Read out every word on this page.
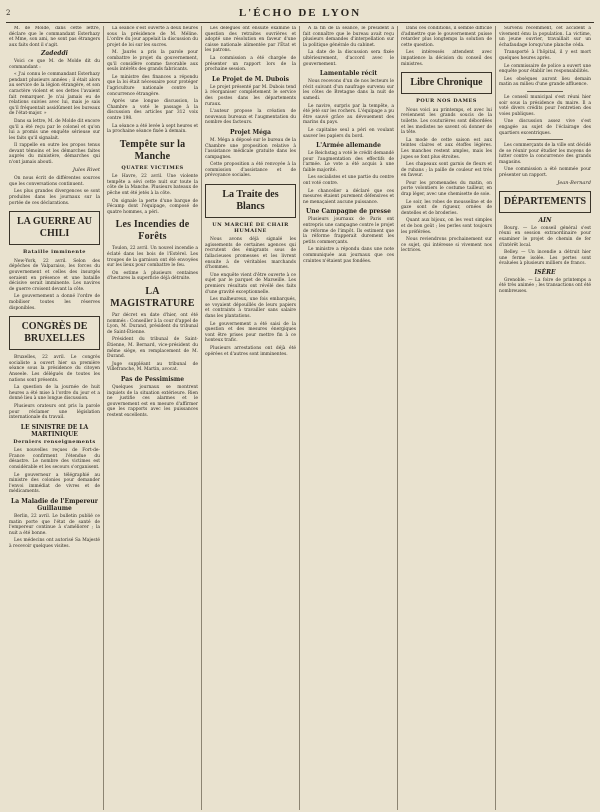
2	L'ÉCHO DE LYON

M. de Molde, dans cette lettre, déclare que le commandant Esterhazy et Mme, son ami, ne sont pas étrangers aux faits dont il s'agit.

Zadeddi

Voici ce que M. de Molde dit du commandant :

« J'ai connu le commandant Esterhazy pendant plusieurs années ; il était alors au service de la légion étrangère, et son caractère violent et ses dettes l'avaient fait remarquer. Je n'ai jamais eu de relations suivies avec lui, mais je sais qu'il fréquentait assidûment les bureaux de l'état-major. »

Dans sa lettre, M. de Molde dit encore qu'il a été reçu par le colonel et qu'on lui a promis une enquête sérieuse sur les faits qu'il signalait.

Il rappelle en outre les propos tenus devant témoins et les démarches faites auprès du ministère, démarches qui n'ont jamais abouti.

Jules Rivet

On nous écrit de différentes sources que les conversations continuent.

Les plus grandes divergences se sont produites dans les journaux sur la portée de ces déclarations.

LA GUERRE AU CHILI
Bataille imminente

New-York, 22 avril. Selon des dépêches de Valparaiso, les forces du gouvernement et celles des insurgés seraient en présence et une bataille décisive serait imminente. Les navires de guerre croisent devant la côte.

Le gouvernement a donné l'ordre de mobiliser toutes les réserves disponibles.

CONGRÈS DE BRUXELLES

Bruxelles, 22 avril. Le congrès socialiste a ouvert hier sa première séance sous la présidence du citoyen Anseele. Les délégués de toutes les nations sont présents.

La question de la journée de huit heures a été mise à l'ordre du jour et a donné lieu à une longue discussion.

Plusieurs orateurs ont pris la parole pour réclamer une législation internationale du travail.

LE SINISTRE DE LA MARTINIQUE
Derniers renseignements

Les nouvelles reçues de Fort-de-France confirment l'étendue du désastre. Le nombre des victimes est considérable et les secours s'organisent.

Le gouverneur a télégraphié au ministre des colonies pour demander l'envoi immédiat de vivres et de médicaments.

La Maladie de l'Empereur Guillaume

Berlin, 22 avril. Le bulletin publié ce matin porte que l'état de santé de l'empereur continue à s'améliorer ; la nuit a été bonne.

Les médecins ont autorisé Sa Majesté à recevoir quelques visites.

La séance s'est ouverte à deux heures sous la présidence de M. Méline. L'ordre du jour appelait la discussion du projet de loi sur les sucres.

M. Jaurès a pris la parole pour combattre le projet du gouvernement, qu'il considère comme favorable aux seuls intérêts des grands fabricants.

Le ministre des finances a répondu que la loi était nécessaire pour protéger l'agriculture nationale contre la concurrence étrangère.

Après une longue discussion, la Chambre a voté le passage à la discussion des articles par 312 voix contre 198.

La séance a été levée à sept heures et la prochaine séance fixée à demain.

Tempête sur la Manche
QUATRE VICTIMES

Le Havre, 22 avril. Une violente tempête a sévi cette nuit sur toute la côte de la Manche. Plusieurs bateaux de pêche ont été jetés à la côte.

On signale la perte d'une barque de Fécamp dont l'équipage, composé de quatre hommes, a péri.

Les Incendies de Forêts

Toulon, 22 avril. Un nouvel incendie a éclaté dans les bois de l'Estérel. Les troupes de la garnison ont été envoyées sur les lieux pour combattre le feu.

On estime à plusieurs centaines d'hectares la superficie déjà détruite.

LA MAGISTRATURE

Par décret en date d'hier, ont été nommés : Conseiller à la cour d'appel de Lyon, M. Durand, président du tribunal de Saint-Étienne.

Président du tribunal de Saint-Étienne, M. Bernard, vice-président du même siège, en remplacement de M. Durand.

Juge suppléant au tribunal de Villefranche, M. Martin, avocat.

Pas de Pessimisme

Quelques journaux se montrent inquiets de la situation extérieure. Rien ne justifie ces alarmes et le gouvernement est en mesure d'affirmer que les rapports avec les puissances restent excellents.

Les délégués ont ensuite examiné la question des retraites ouvrières et adopté une résolution en faveur d'une caisse nationale alimentée par l'État et les patrons.

La commission a été chargée de présenter un rapport lors de la prochaine session.

Le Projet de M. Dubois

Le projet présenté par M. Dubois tend à réorganiser complètement le service des postes dans les départements ruraux.

L'auteur propose la création de nouveaux bureaux et l'augmentation du nombre des facteurs.

Projet Méga

M. Méga a déposé sur le bureau de la Chambre une proposition relative à l'assistance médicale gratuite dans les campagnes.

Cette proposition a été renvoyée à la commission d'assistance et de prévoyance sociales.

La Traite des Blancs
UN MARCHÉ DE CHAIR HUMAINE

Nous avons déjà signalé les agissements de certaines agences qui recrutent des émigrants sous de fallacieuses promesses et les livrent ensuite à de véritables marchands d'hommes.

Une enquête vient d'être ouverte à ce sujet par le parquet de Marseille. Les premiers résultats ont révélé des faits d'une gravité exceptionnelle.

Les malheureux, une fois embarqués, se voyaient dépouillés de leurs papiers et contraints à travailler sans salaire dans les plantations.

Le gouvernement a été saisi de la question et des mesures énergiques vont être prises pour mettre fin à ce honteux trafic.

Plusieurs arrestations ont déjà été opérées et d'autres sont imminentes.

A la fin de la séance, le président a fait connaître que le bureau avait reçu plusieurs demandes d'interpellation sur la politique générale du cabinet.

La date de la discussion sera fixée ultérieurement, d'accord avec le gouvernement.

Lamentable récit

Nous recevons d'un de nos lecteurs le récit suivant d'un naufrage survenu sur les côtes de Bretagne dans la nuit de samedi.

Le navire, surpris par la tempête, a été jeté sur les rochers. L'équipage a pu être sauvé grâce au dévouement des marins du pays.

Le capitaine seul a péri en voulant sauver les papiers du bord.

L'Armée allemande

Le Reichstag a voté le crédit demandé pour l'augmentation des effectifs de l'armée. Le vote a été acquis à une faible majorité.

Les socialistes et une partie du centre ont voté contre.

Le chancelier a déclaré que ces mesures étaient purement défensives et ne menaçaient aucune puissance.

Une Campagne de presse

Plusieurs journaux de Paris ont entrepris une campagne contre le projet de réforme de l'impôt. Ils estiment que la réforme frapperait durement les petits commerçants.

Le ministre a répondu dans une note communiquée aux journaux que ces craintes n'étaient pas fondées.

Dans ces conditions, il semble difficile d'admettre que le gouvernement puisse retarder plus longtemps la solution de cette question.

Les intéressés attendent avec impatience la décision du conseil des ministres.

Libre Chronique
POUR NOS DAMES

Nous voici au printemps, et avec lui reviennent les grands soucis de la toilette. Les couturières sont débordées et les modistes ne savent où donner de la tête.

La mode de cette saison est aux teintes claires et aux étoffes légères. Les manches restent amples, mais les jupes se font plus étroites.

Les chapeaux sont garnis de fleurs et de rubans ; la paille de couleur est très en faveur.

Pour les promenades du matin, on porte volontiers le costume tailleur, en drap léger, avec une chemisette de soie.

Le soir, les robes de mousseline et de gaze sont de rigueur, ornées de dentelles et de broderies.

Quant aux bijoux, on les veut simples et de bon goût ; les perles sont toujours les préférées.

Nous reviendrons prochainement sur ce sujet, qui intéresse si vivement nos lectrices.

Survenu récemment, cet accident a vivement ému la population. La victime, un jeune ouvrier, travaillait sur un échafaudage lorsqu'une planche céda.

Transporté à l'hôpital, il y est mort quelques heures après.

Le commissaire de police a ouvert une enquête pour établir les responsabilités.

Les obsèques auront lieu demain matin au milieu d'une grande affluence.

Le conseil municipal s'est réuni hier soir sous la présidence du maire. Il a voté divers crédits pour l'entretien des voies publiques.

Une discussion assez vive s'est engagée au sujet de l'éclairage des quartiers excentriques.

Les commerçants de la ville ont décidé de se réunir pour étudier les moyens de lutter contre la concurrence des grands magasins.

Une commission a été nommée pour présenter un rapport.

Jean-Bernard
DÉPARTEMENTS
AIN

Bourg. — Le conseil général s'est réuni en session extraordinaire pour examiner le projet de chemin de fer d'intérêt local.

Belley. — Un incendie a détruit hier une ferme isolée. Les pertes sont évaluées à plusieurs milliers de francs.

ISÈRE

Grenoble. — La foire de printemps a été très animée ; les transactions ont été nombreuses.
